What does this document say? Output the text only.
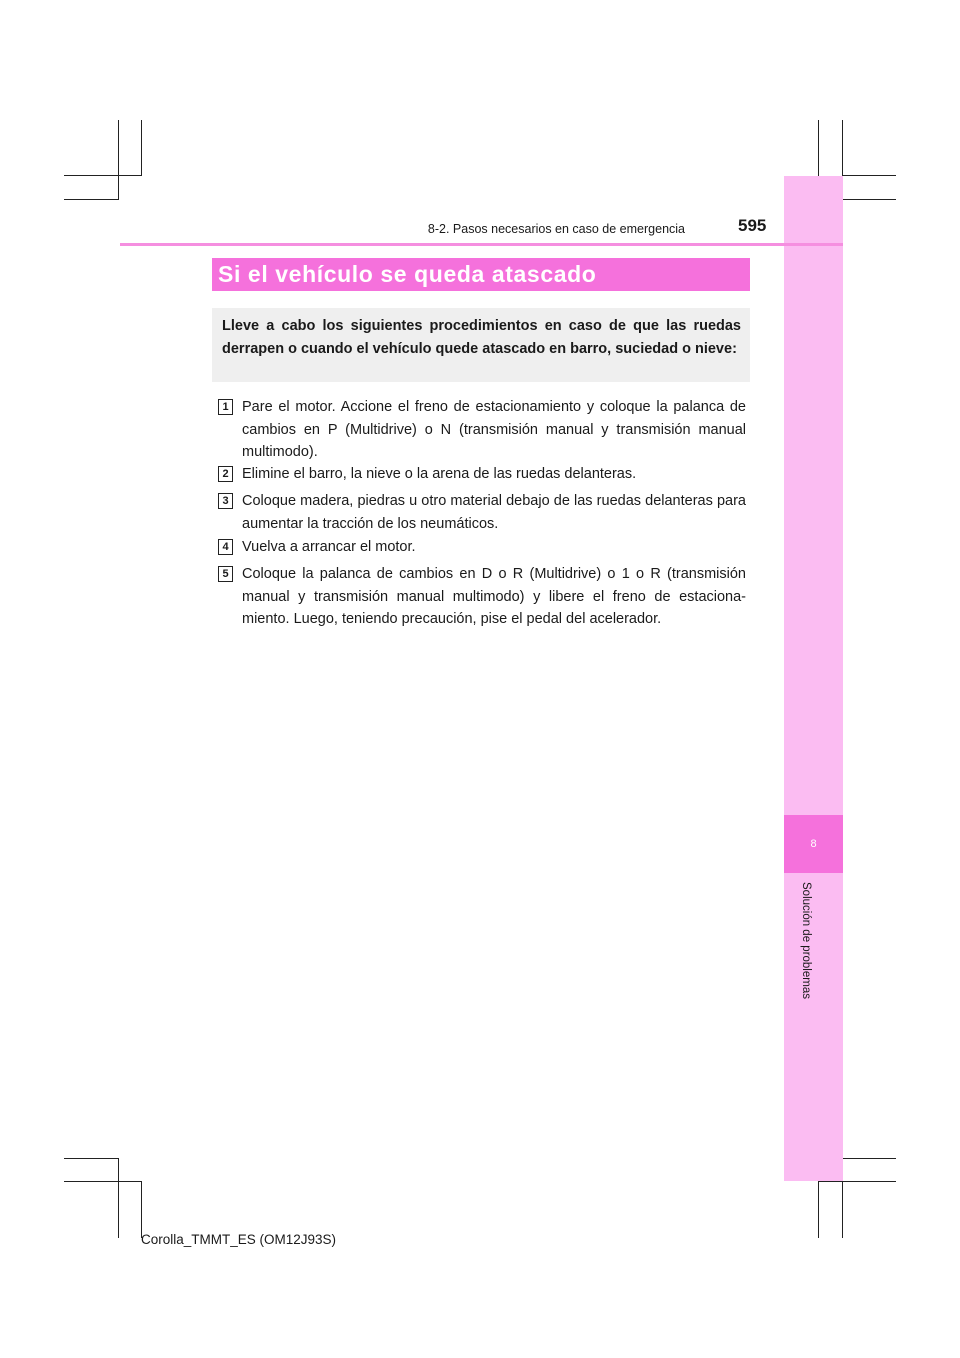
8
Solución de problemas
8-2. Pasos necesarios en caso de emergencia	595
Si el vehículo se queda atascado

Lleve a cabo los siguientes procedimientos en caso de que las ruedas derrapen o cuando el vehículo quede atascado en barro, suciedad o nieve:

1 Pare el motor. Accione el freno de estacionamiento y coloque la palanca de cambios en P (Multidrive) o N (transmisión manual y transmisión manual multimodo).

2 Elimine el barro, la nieve o la arena de las ruedas delanteras.

3 Coloque madera, piedras u otro material debajo de las ruedas delanteras para aumentar la tracción de los neumáticos.

4 Vuelva a arrancar el motor.

5 Coloque la palanca de cambios en D o R (Multidrive) o 1 o R (transmisión manual y transmisión manual multimodo) y libere el freno de estaciona-miento. Luego, teniendo precaución, pise el pedal del acelerador.

Corolla_TMMT_ES (OM12J93S)
